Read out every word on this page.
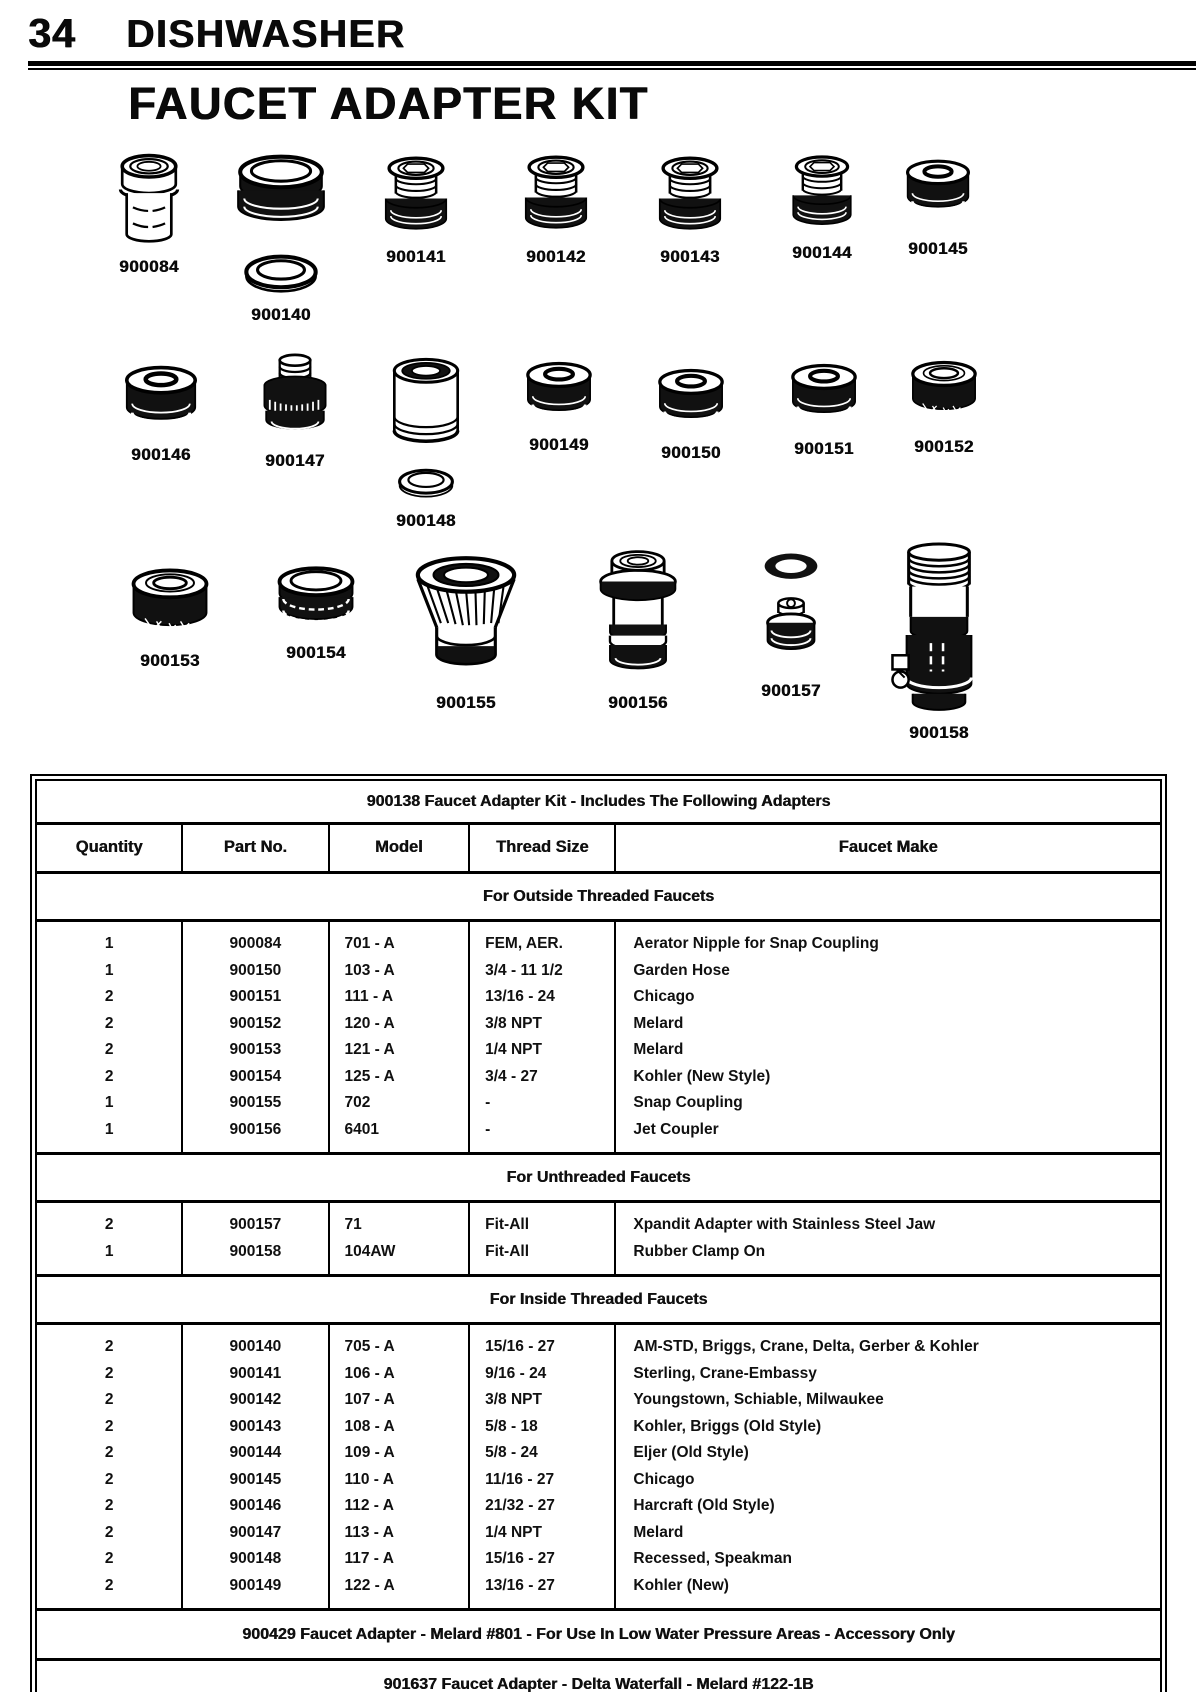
34	DISHWASHER
FAUCET ADAPTER KIT
900084
900140
900141	900142	900143	900144	900145
900146	900147
900148
900149	900150	900151	900152
900153	900154
900155	900156
900157
900158
900138 Faucet Adapter Kit - Includes The Following Adapters				
Quantity	Part No.	Model	Thread Size	Faucet Make
For Outside Threaded Faucets				
1	900084	701 - A	FEM, AER.	Aerator Nipple for Snap Coupling
1	900150	103 - A	3/4 - 11 1/2	Garden Hose
2	900151	111 - A	13/16 - 24	Chicago
2	900152	120 - A	3/8 NPT	Melard
2	900153	121 - A	1/4 NPT	Melard
2	900154	125 - A	3/4 - 27	Kohler (New Style)
1	900155	702	-	Snap Coupling
1	900156	6401	-	Jet Coupler
For Unthreaded Faucets				
2	900157	71	Fit-All	Xpandit Adapter with Stainless Steel Jaw
1	900158	104AW	Fit-All	Rubber Clamp On
For Inside Threaded Faucets				
2	900140	705 - A	15/16 - 27	AM-STD, Briggs, Crane, Delta, Gerber & Kohler
2	900141	106 - A	9/16 - 24	Sterling, Crane-Embassy
2	900142	107 - A	3/8 NPT	Youngstown, Schiable, Milwaukee
2	900143	108 - A	5/8 - 18	Kohler, Briggs (Old Style)
2	900144	109 - A	5/8 - 24	Eljer (Old Style)
2	900145	110 - A	11/16 - 27	Chicago
2	900146	112 - A	21/32 - 27	Harcraft (Old Style)
2	900147	113 - A	1/4 NPT	Melard
2	900148	117 - A	15/16 - 27	Recessed, Speakman
2	900149	122 - A	13/16 - 27	Kohler (New)
900429 Faucet Adapter - Melard #801 - For Use In Low Water Pressure Areas - Accessory Only				
901637 Faucet Adapter - Delta Waterfall - Melard #122-1B				
